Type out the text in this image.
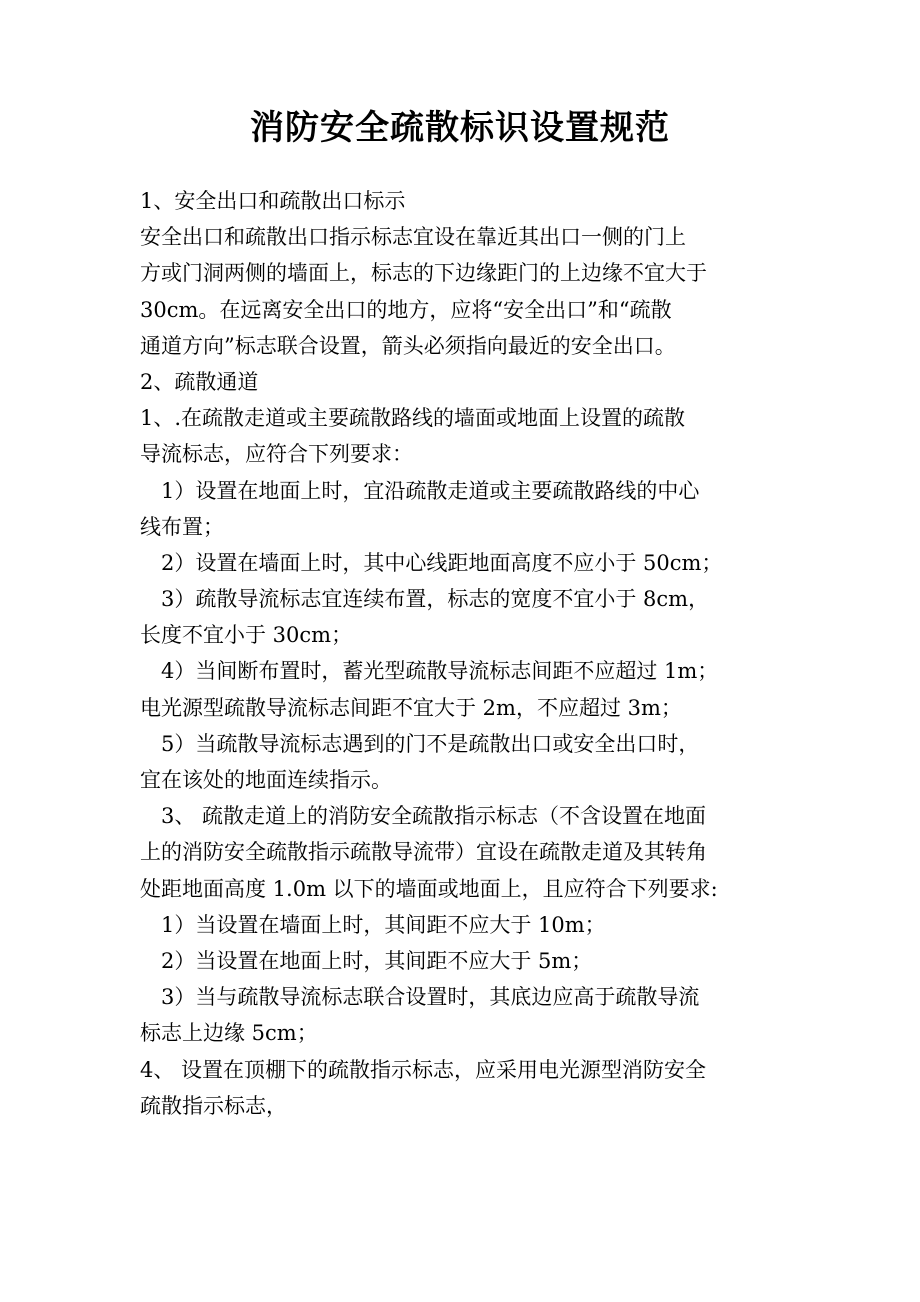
消防安全疏散标识设置规范
1、安全出口和疏散出口标示
安全出口和疏散出口指示标志宜设在靠近其出口一侧的门上
方或门洞两侧的墙面上，标志的下边缘距门的上边缘不宜大于
30cm。在远离安全出口的地方，应将“安全出口”和“疏散
通道方向”标志联合设置，箭头必须指向最近的安全出口。
2、疏散通道
1、.在疏散走道或主要疏散路线的墙面或地面上设置的疏散
导流标志，应符合下列要求：
1）设置在地面上时，宜沿疏散走道或主要疏散路线的中心
线布置；
2）设置在墙面上时，其中心线距地面高度不应小于 50cm；
3）疏散导流标志宜连续布置，标志的宽度不宜小于 8cm，
长度不宜小于 30cm；
4）当间断布置时，蓄光型疏散导流标志间距不应超过 1m；
电光源型疏散导流标志间距不宜大于 2m，不应超过 3m；
5）当疏散导流标志遇到的门不是疏散出口或安全出口时，
宜在该处的地面连续指示。
3、 疏散走道上的消防安全疏散指示标志（不含设置在地面
上的消防安全疏散指示疏散导流带）宜设在疏散走道及其转角
处距地面高度 1.0m 以下的墙面或地面上，且应符合下列要求:
1）当设置在墙面上时，其间距不应大于 10m；
2）当设置在地面上时，其间距不应大于 5m；
3）当与疏散导流标志联合设置时，其底边应高于疏散导流
标志上边缘 5cm；
4、 设置在顶棚下的疏散指示标志，应采用电光源型消防安全
疏散指示标志，
